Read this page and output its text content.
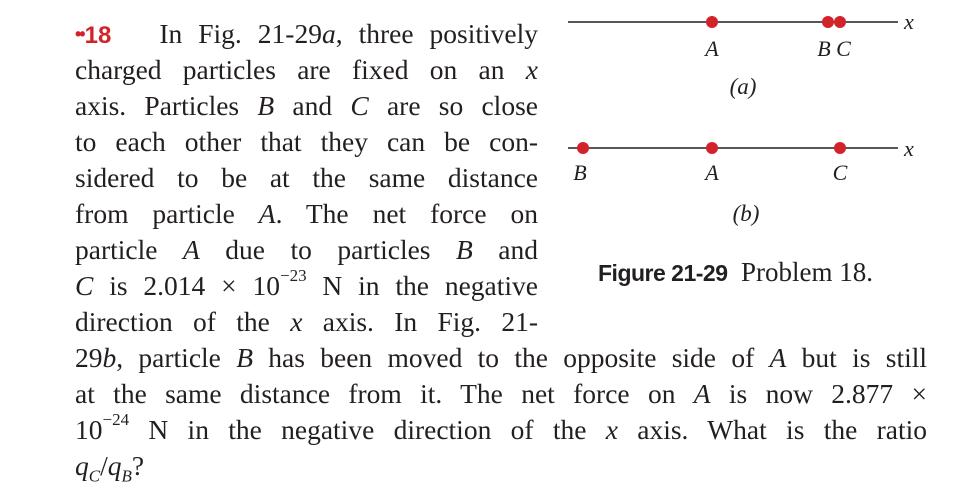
••18   In Fig. 21-29a, three positively
charged particles are fixed on an x
axis. Particles B and C are so close
to each other that they can be con-
sidered to be at the same distance
from particle A. The net force on
particle A due to particles B and
C is $2.014 \times 10^{-23}$ N in the negative
direction of the x axis. In Fig. 21-
29b, particle B has been moved to the opposite side of A but is still
at the same distance from it. The net force on A is now 2.877 ×
$10^{-24}$ N in the negative direction of the x axis. What is the ratio
$q_C/q_B$?
x
A	B C
(a)
x
B	A	C
(b)
Figure 21-29 Problem 18.
